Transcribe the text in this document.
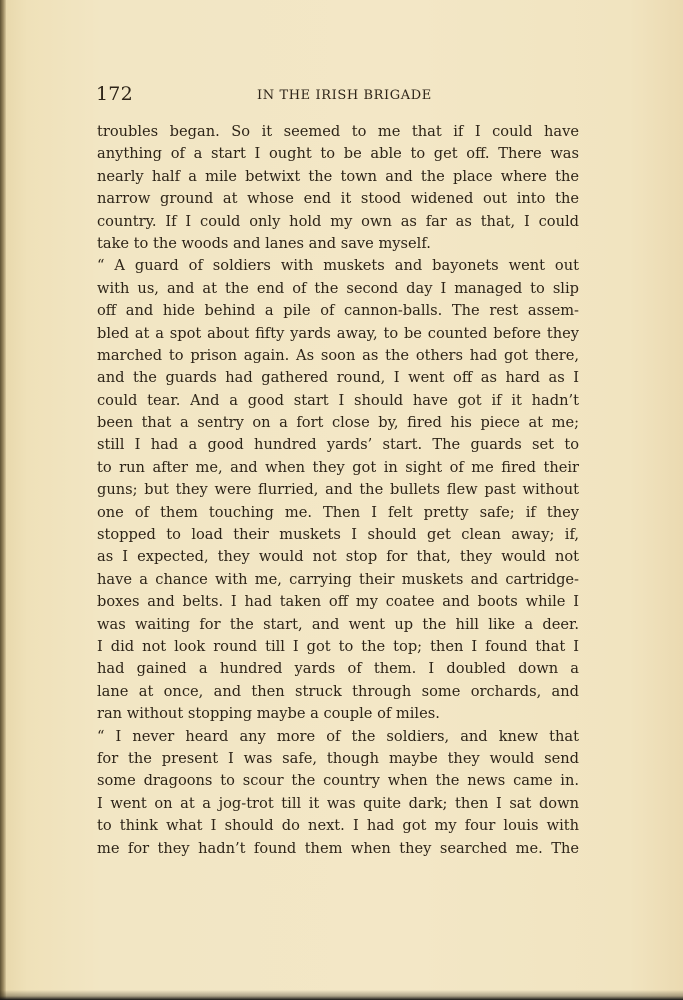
172	IN THE IRISH BRIGADE
troubles began. So it seemed to me that if I could have
anything of a start I ought to be able to get off. There was
nearly half a mile betwixt the town and the place where the
narrow ground at whose end it stood widened out into the
country. If I could only hold my own as far as that, I could
take to the woods and lanes and save myself.
“ A guard of soldiers with muskets and bayonets went out
with us, and at the end of the second day I managed to slip
off and hide behind a pile of cannon-balls. The rest assem-
bled at a spot about fifty yards away, to be counted before they
marched to prison again. As soon as the others had got there,
and the guards had gathered round, I went off as hard as I
could tear. And a good start I should have got if it hadn’t
been that a sentry on a fort close by, fired his piece at me;
still I had a good hundred yards’ start. The guards set to
to run after me, and when they got in sight of me fired their
guns; but they were flurried, and the bullets flew past without
one of them touching me. Then I felt pretty safe; if they
stopped to load their muskets I should get clean away; if,
as I expected, they would not stop for that, they would not
have a chance with me, carrying their muskets and cartridge-
boxes and belts. I had taken off my coatee and boots while I
was waiting for the start, and went up the hill like a deer.
I did not look round till I got to the top; then I found that I
had gained a hundred yards of them. I doubled down a
lane at once, and then struck through some orchards, and
ran without stopping maybe a couple of miles.
“ I never heard any more of the soldiers, and knew that
for the present I was safe, though maybe they would send
some dragoons to scour the country when the news came in.
I went on at a jog-trot till it was quite dark; then I sat down
to think what I should do next. I had got my four louis with
me for they hadn’t found them when they searched me. The
